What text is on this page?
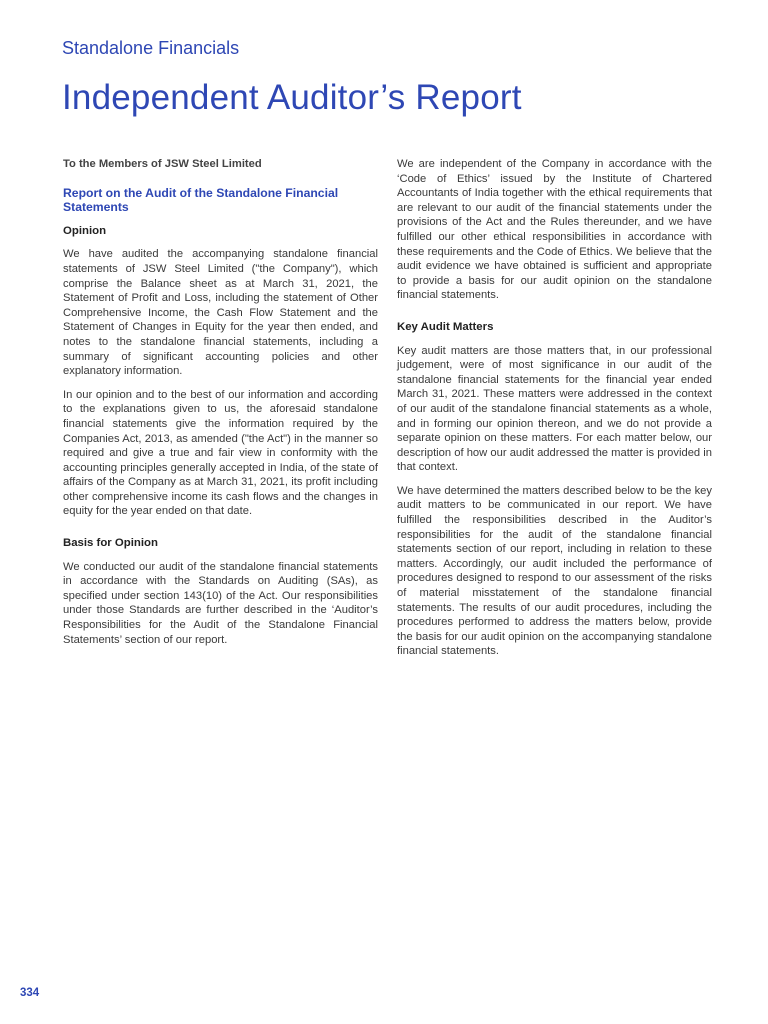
Standalone Financials
Independent Auditor’s Report

To the Members of JSW Steel Limited

Report on the Audit of the Standalone Financial Statements

Opinion

We have audited the accompanying standalone financial statements of JSW Steel Limited ("the Company"), which comprise the Balance sheet as at March 31, 2021, the Statement of Profit and Loss, including the statement of Other Comprehensive Income, the Cash Flow Statement and the Statement of Changes in Equity for the year then ended, and notes to the standalone financial statements, including a summary of significant accounting policies and other explanatory information.

In our opinion and to the best of our information and according to the explanations given to us, the aforesaid standalone financial statements give the information required by the Companies Act, 2013, as amended ("the Act") in the manner so required and give a true and fair view in conformity with the accounting principles generally accepted in India, of the state of affairs of the Company as at March 31, 2021, its profit including other comprehensive income its cash flows and the changes in equity for the year ended on that date.

Basis for Opinion

We conducted our audit of the standalone financial statements in accordance with the Standards on Auditing (SAs), as specified under section 143(10) of the Act. Our responsibilities under those Standards are further described in the ‘Auditor’s Responsibilities for the Audit of the Standalone Financial Statements’ section of our report.

We are independent of the Company in accordance with the ‘Code of Ethics’ issued by the Institute of Chartered Accountants of India together with the ethical requirements that are relevant to our audit of the financial statements under the provisions of the Act and the Rules thereunder, and we have fulfilled our other ethical responsibilities in accordance with these requirements and the Code of Ethics. We believe that the audit evidence we have obtained is sufficient and appropriate to provide a basis for our audit opinion on the standalone financial statements.

Key Audit Matters

Key audit matters are those matters that, in our professional judgement, were of most significance in our audit of the standalone financial statements for the financial year ended March 31, 2021. These matters were addressed in the context of our audit of the standalone financial statements as a whole, and in forming our opinion thereon, and we do not provide a separate opinion on these matters. For each matter below, our description of how our audit addressed the matter is provided in that context.

We have determined the matters described below to be the key audit matters to be communicated in our report. We have fulfilled the responsibilities described in the Auditor’s responsibilities for the audit of the standalone financial statements section of our report, including in relation to these matters. Accordingly, our audit included the performance of procedures designed to respond to our assessment of the risks of material misstatement of the standalone financial statements. The results of our audit procedures, including the procedures performed to address the matters below, provide the basis for our audit opinion on the accompanying standalone financial statements.

334
